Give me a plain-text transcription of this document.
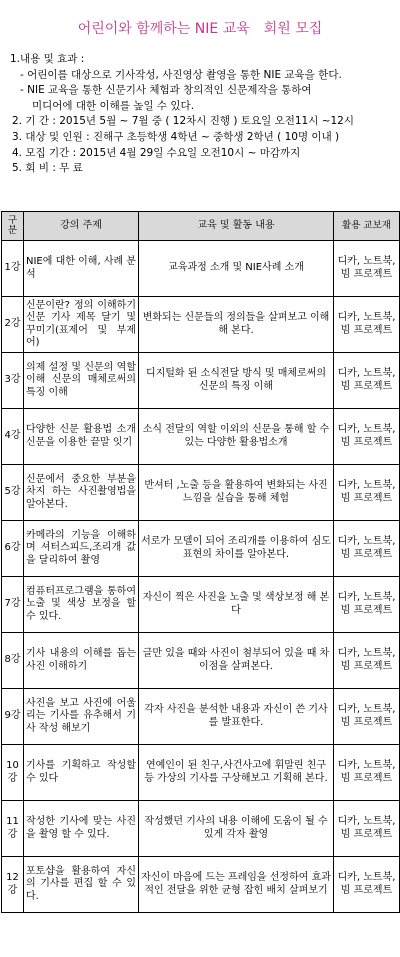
어린이와 함께하는 NIE 교육 회원 모집
1.내용 및 효과 :
- 어린이를 대상으로 기사작성, 사진영상 촬영을 통한 NIE 교육을 한다.
- NIE 교육을 통한 신문기사 체험과 창의적인 신문제작을 통하여
미디어에 대한 이해를 높일 수 있다.
2. 기 간 : 2015년 5월 ~ 7월 중 ( 12차시 진행 ) 토요일 오전11시 ~12시
3. 대상 및 인원 : 진해구 초등학생 4학년 ~ 중학생 2학년 ( 10명 이내 )
4. 모집 기간 : 2015년 4월 29일 수요일 오전10시 ~ 마감까지
5. 회 비 : 무 료
구분	강의 주제	교육 및 활동 내용	활용 교보재
1강	NIE에 대한 이해, 사례 분석	교육과정 소개 및 NIE사례 소개	디카, 노트북, 빔 프로젝트
2강	신문이란? 정의 이해하기 신문 기사 제목 달기 및 꾸미기(표제어 및 부제어)	변화되는 신문들의 정의들을 살펴보고 이해해 본다.	디카, 노트북, 빔 프로젝트
3강	의제 설정 및 신문의 역할 이해 신문의 매체로써의 특징 이해	디지털화 된 소식전달 방식 및 매체로써의 신문의 특징 이해	디카, 노트북, 빔 프로젝트
4강	다양한 신문 활용법 소개 신문을 이용한 끝말 잇기	소식 전달의 역할 이외의 신문을 통해 할 수있는 다양한 활용법소개	디카, 노트북, 빔 프로젝트
5강	신문에서 중요한 부분을 차지 하는 사진촬영법을 알아본다.	반셔터 ,노출 등을 활용하여 변화되는 사진느낌을 실습을 통해 체험	디카, 노트북, 빔 프로젝트
6강	카메라의 기능을 이해하며 셔터스피드,조리개 값을 달리하여 촬영	서로가 모델이 되어 조리개를 이용하여 심도표현의 차이를 알아본다.	디카, 노트북, 빔 프로젝트
7강	컴퓨터프로그램을 통하여 노출 및 색상 보정을 할 수 있다.	자신이 찍은 사진을 노출 및 색상보정 해 본다	디카, 노트북, 빔 프로젝트
8강	기사 내용의 이해를 돕는 사진 이해하기	글만 있을 때와 사진이 첨부되어 있을 때 차이점을 살펴본다.	디카, 노트북, 빔 프로젝트
9강	사진을 보고 사진에 어울리는 기사를 유추해서 기사 작성 해보기	각자 사진을 분석한 내용과 자신이 쓴 기사를 발표한다.	디카, 노트북, 빔 프로젝트
10강	기사를 기획하고 작성할 수 있다	연예인이 된 친구,사건사고에 휘말린 친구 등 가상의 기사를 구상해보고 기획해 본다.	디카, 노트북, 빔 프로젝트
11강	작성한 기사에 맞는 사진을 촬영 할 수 있다.	작성했던 기사의 내용 이해에 도움이 될 수 있게 각자 촬영	디카, 노트북, 빔 프로젝트
12강	포토샵을 활용하여 자신의 기사를 편집 할 수 있다.	자신이 마음에 드는 프레임을 선정하여 효과적인 전달을 위한 균형 잡힌 배치 살펴보기	디카, 노트북, 빔 프로젝트
